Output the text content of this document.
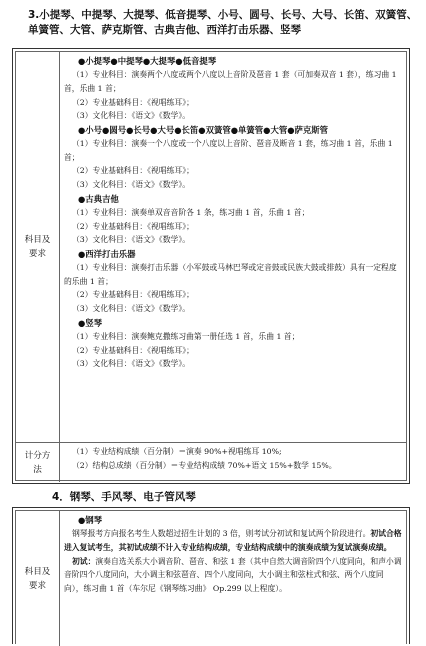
3.小提琴、中提琴、大提琴、低音提琴、小号、圆号、长号、大号、长笛、双簧管、单簧管、大管、萨克斯管、古典吉他、西洋打击乐器、竖琴
科目及要求
●小提琴●中提琴●大提琴●低音提琴
（1）专业科目：演奏两个八度或两个八度以上音阶及琶音 1 套（可加奏双音 1 套），练习曲 1 首，乐曲 1 首；
（2）专业基础科目：《视唱练耳》；
（3）文化科目：《语文》《数学》。
●小号●圆号●长号●大号●长笛●双簧管●单簧管●大管●萨克斯管
（1）专业科目：演奏一个八度或一个八度以上音阶、琶音及断音 1 套，练习曲 1 首，乐曲 1 首；
（2）专业基础科目：《视唱练耳》；
（3）文化科目：《语文》《数学》。
●古典吉他
（1）专业科目：演奏单双音音阶各 1 条，练习曲 1 首，乐曲 1 首；
（2）专业基础科目：《视唱练耳》；
（3）文化科目：《语文》《数学》。
●西洋打击乐器
（1）专业科目：演奏打击乐器（小军鼓或马林巴琴或定音鼓或民族大鼓或排鼓）具有一定程度的乐曲 1 首；
（2）专业基础科目：《视唱练耳》；
（3）文化科目：《语文》《数学》。
●竖琴
（1）专业科目：演奏鲍克撒练习曲第一册任选 1 首，乐曲 1 首；
（2）专业基础科目：《视唱练耳》；
（3）文化科目：《语文》《数学》。
计分方法
（1）专业结构成绩（百分制）＝演奏 90%+视唱练耳 10%;
（2）结构总成绩（百分制）＝专业结构成绩 70%+语文 15%+数学 15%。
4．钢琴、手风琴、电子管风琴
科目及要求
●钢琴
钢琴报考方向报名考生人数超过招生计划的 3 倍，则考试分初试和复试两个阶段进行。初试合格进入复试考生，其初试成绩不计入专业结构成绩，专业结构成绩中的演奏成绩为复试演奏成绩。
初试：演奏自选关系大小调音阶、琶音、和弦 1 套（其中自然大调音阶四个八度同向，和声小调音阶四个八度同向，大小调主和弦琶音、四个八度同向，大小调主和弦柱式和弦、两个八度同向），练习曲 1 首（车尔尼《钢琴练习曲》 Op.299 以上程度）。
